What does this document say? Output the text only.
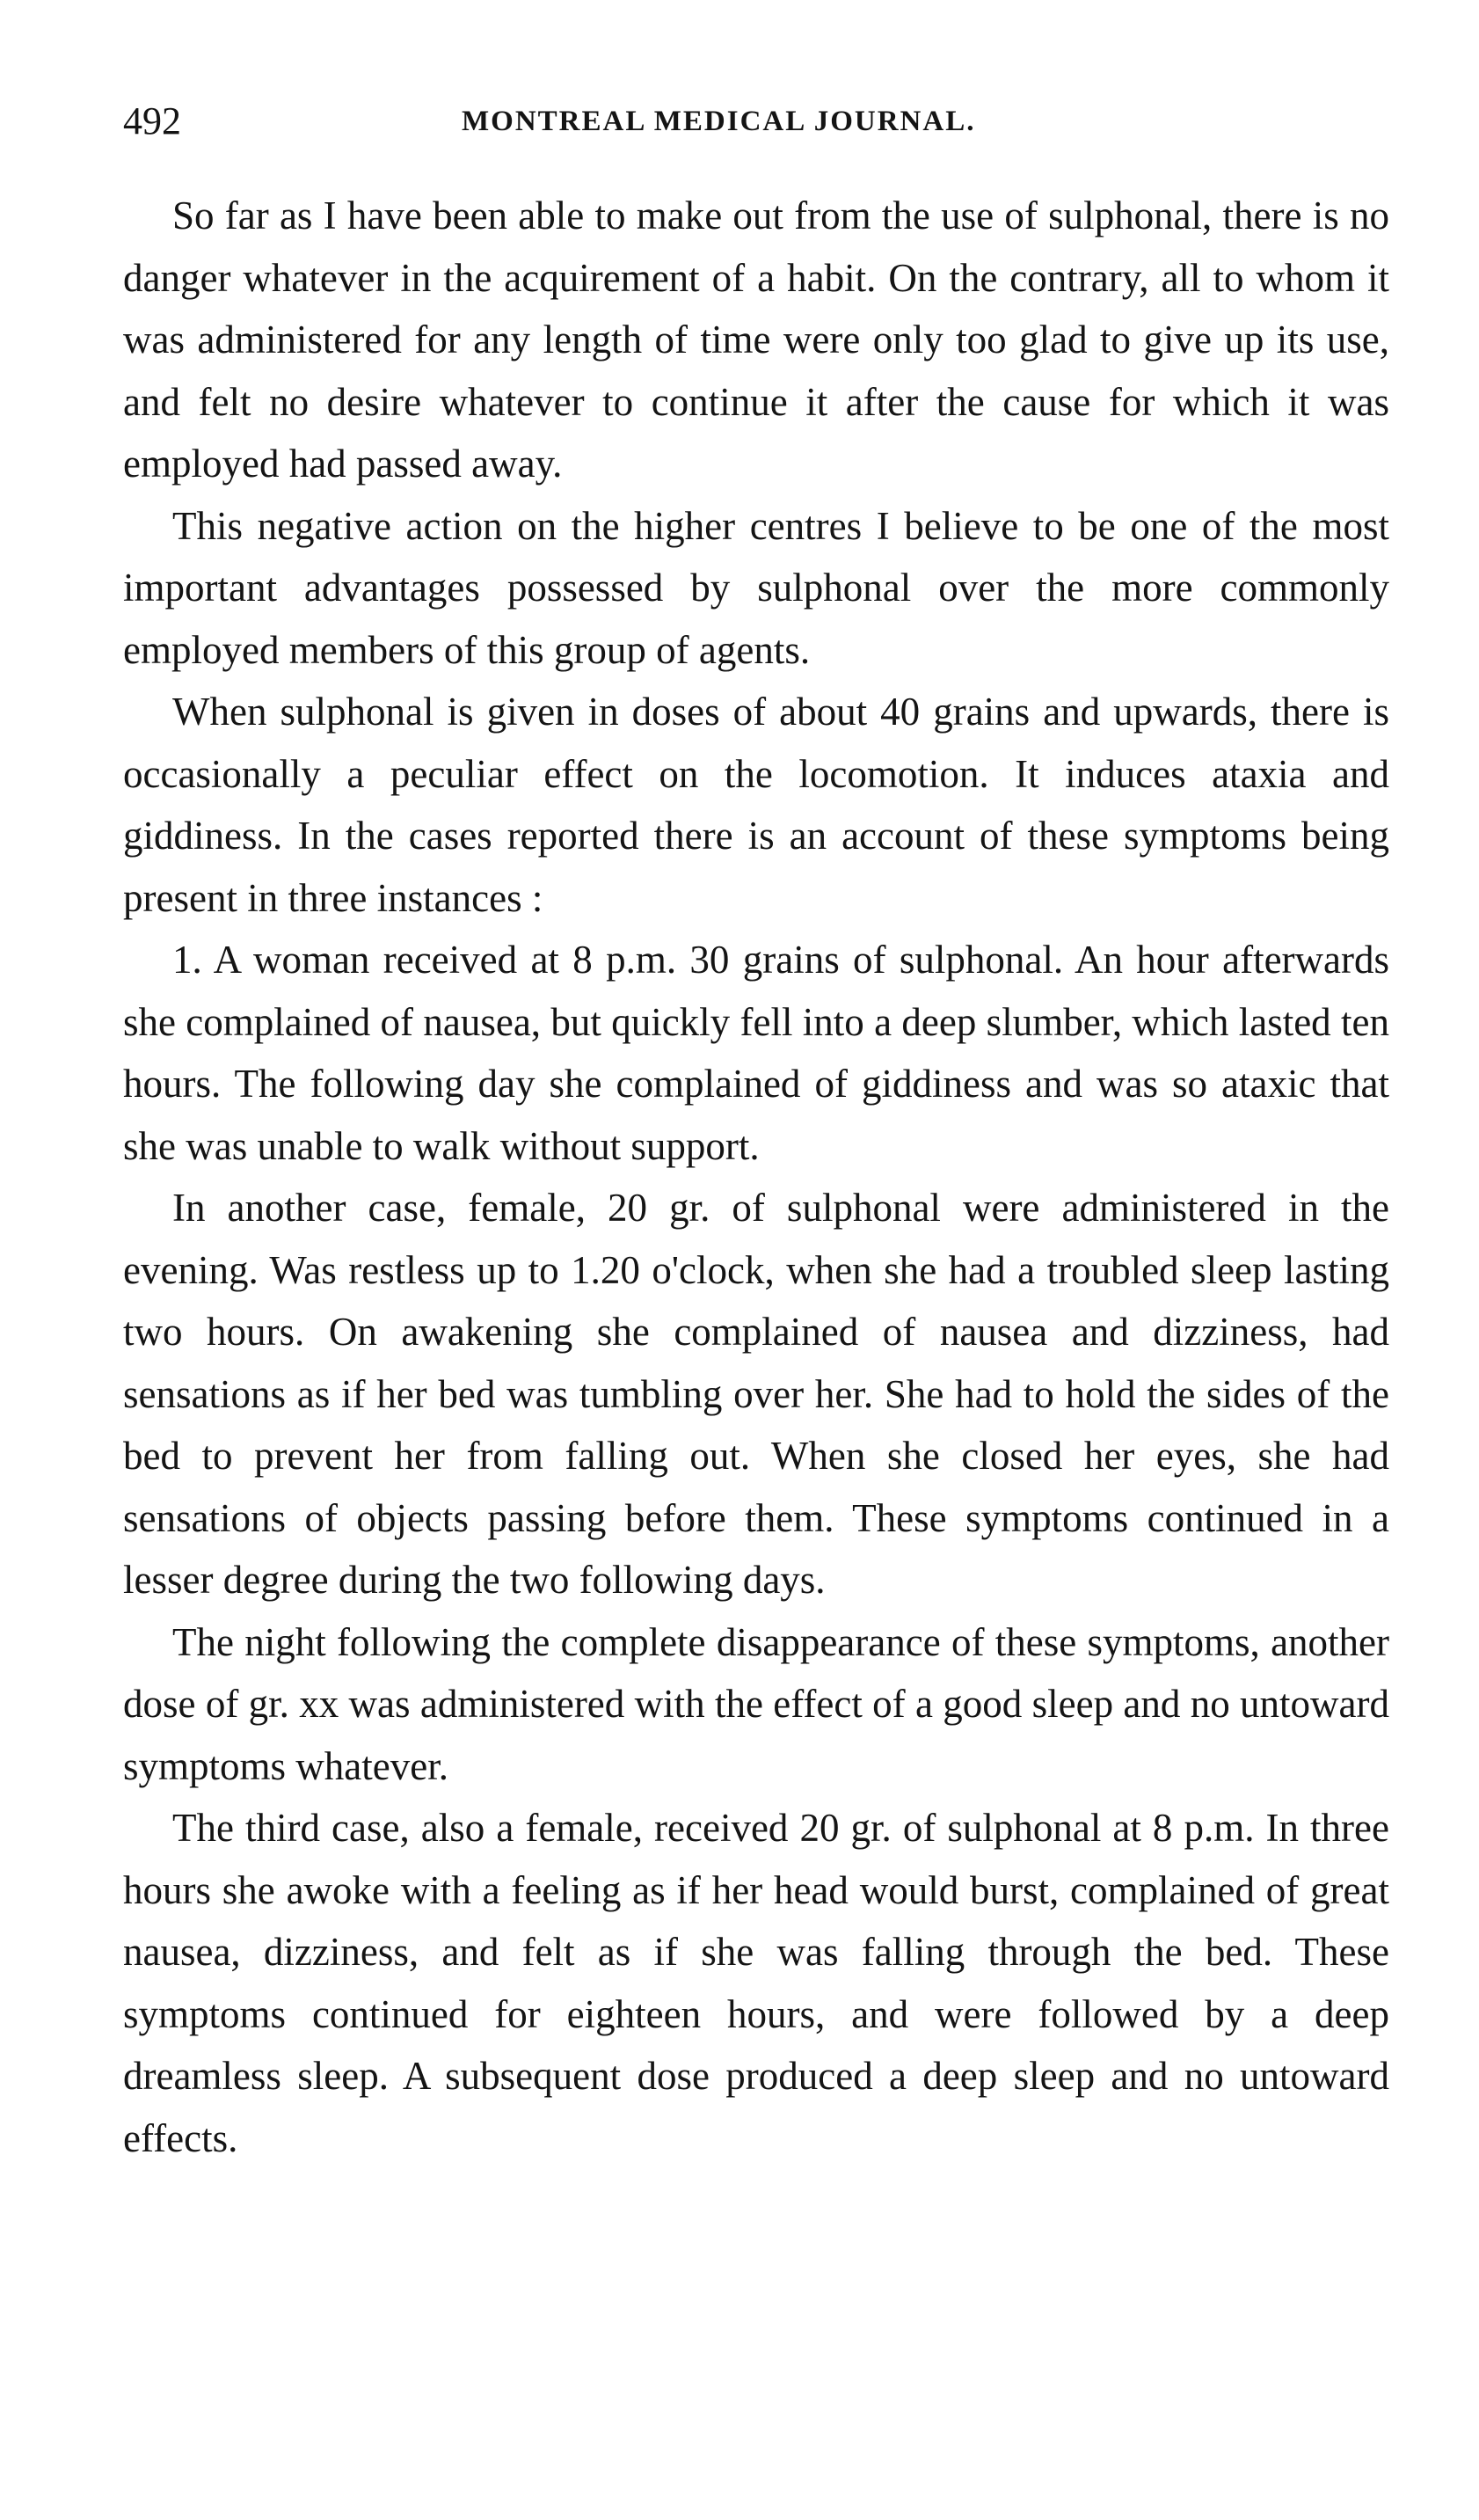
492	MONTREAL MEDICAL JOURNAL.

So far as I have been able to make out from the use of sulphonal, there is no danger whatever in the acquirement of a habit. On the contrary, all to whom it was administered for any length of time were only too glad to give up its use, and felt no desire whatever to continue it after the cause for which it was employed had passed away.

This negative action on the higher centres I believe to be one of the most important advantages possessed by sulphonal over the more commonly employed members of this group of agents.

When sulphonal is given in doses of about 40 grains and upwards, there is occasionally a peculiar effect on the locomotion. It induces ataxia and giddiness. In the cases reported there is an account of these symptoms being present in three instances :

1. A woman received at 8 p.m. 30 grains of sulphonal. An hour afterwards she complained of nausea, but quickly fell into a deep slumber, which lasted ten hours. The following day she complained of giddiness and was so ataxic that she was unable to walk without support.

In another case, female, 20 gr. of sulphonal were administered in the evening. Was restless up to 1.20 o'clock, when she had a troubled sleep lasting two hours. On awakening she complained of nausea and dizziness, had sensations as if her bed was tumbling over her. She had to hold the sides of the bed to prevent her from falling out. When she closed her eyes, she had sensations of objects passing before them. These symptoms continued in a lesser degree during the two following days.

The night following the complete disappearance of these symptoms, another dose of gr. xx was administered with the effect of a good sleep and no untoward symptoms whatever.

The third case, also a female, received 20 gr. of sulphonal at 8 p.m. In three hours she awoke with a feeling as if her head would burst, complained of great nausea, dizziness, and felt as if she was falling through the bed. These symptoms continued for eighteen hours, and were followed by a deep dreamless sleep. A subsequent dose produced a deep sleep and no untoward effects.
